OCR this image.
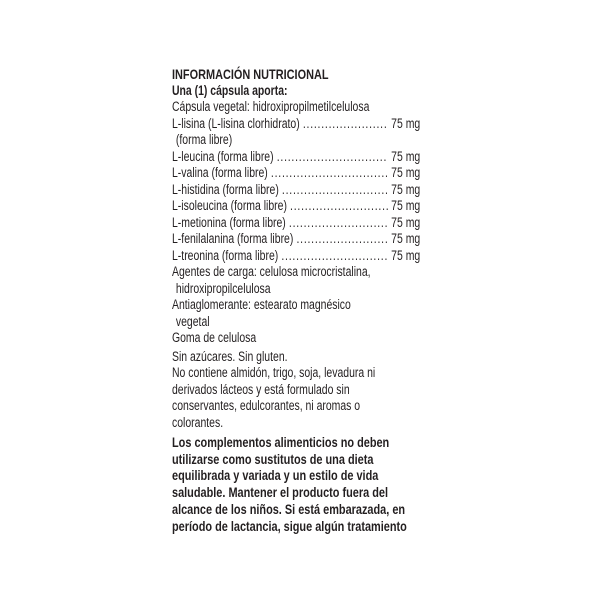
INFORMACIÓN NUTRICIONAL
Una (1) cápsula aporta:
Cápsula vegetal: hidroxipropilmetilcelulosa
L-lisina (L-lisina clorhidrato) .....	75 mg
(forma libre)
L-leucina (forma libre) .....	75 mg
L-valina (forma libre) .....	75 mg
L-histidina (forma libre) .....	75 mg
L-isoleucina (forma libre) .....	75 mg
L-metionina (forma libre) .....	75 mg
L-fenilalanina (forma libre) .....	75 mg
L-treonina (forma libre) .....	75 mg
Agentes de carga: celulosa microcristalina,
hidroxipropilcelulosa
Antiaglomerante: estearato magnésico
vegetal
Goma de celulosa
Sin azúcares. Sin gluten.
No contiene almidón, trigo, soja, levadura ni
derivados lácteos y está formulado sin
conservantes, edulcorantes, ni aromas o
colorantes.
Los complementos alimenticios no deben
utilizarse como sustitutos de una dieta
equilibrada y variada y un estilo de vida
saludable. Mantener el producto fuera del
alcance de los niños. Si está embarazada, en
período de lactancia, sigue algún tratamiento
